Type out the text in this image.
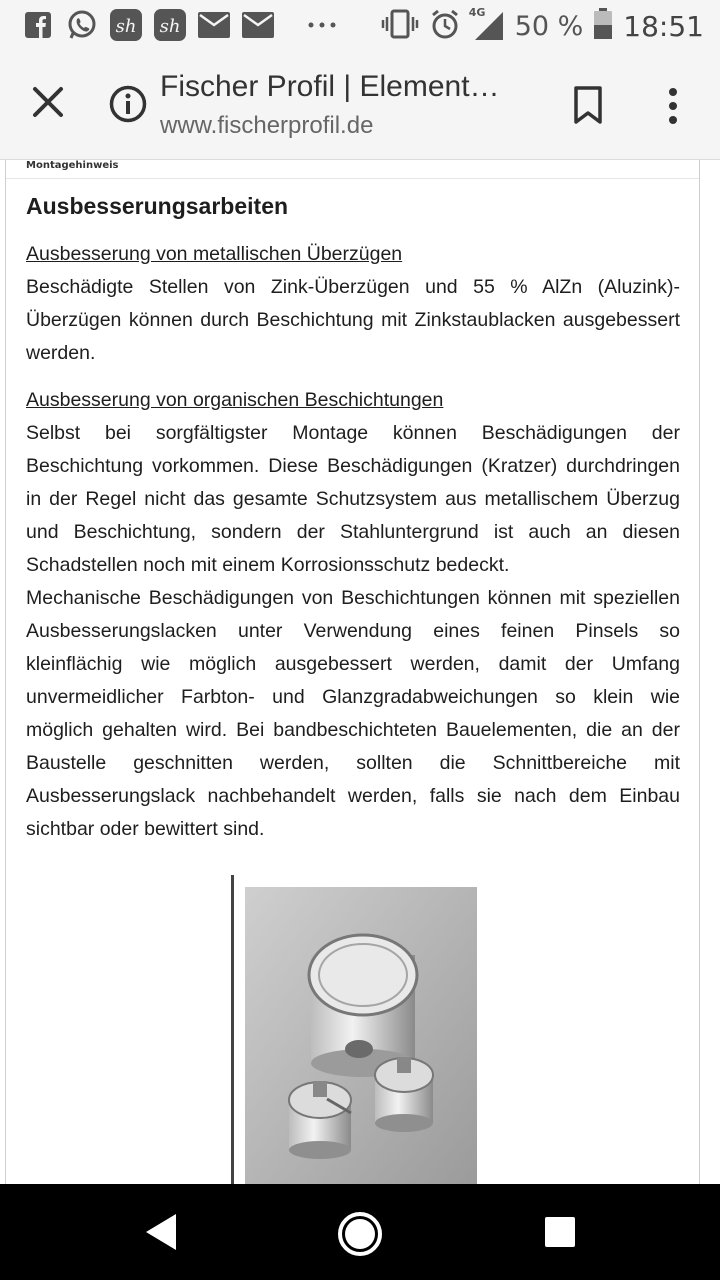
sh sh
4G 50 % 18:51
Fischer Profil | Element…
www.fischerprofil.de
Montagehinweis
Ausbesserungsarbeiten
Ausbesserung von metallischen Überzügen
Beschädigte Stellen von Zink-Überzügen und 55 % AlZn (Aluzink)-Überzügen können durch Beschichtung mit Zinkstaublacken ausgebessert werden.
Ausbesserung von organischen Beschichtungen
Selbst bei sorgfältigster Montage können Beschädigungen der Beschichtung vorkommen. Diese Beschädigungen (Kratzer) durchdringen in der Regel nicht das gesamte Schutzsystem aus metallischem Überzug und Beschichtung, sondern der Stahluntergrund ist auch an diesen Schadstellen noch mit einem Korrosionsschutz bedeckt.
Mechanische Beschädigungen von Beschichtungen können mit speziellen Ausbesserungslacken unter Verwendung eines feinen Pinsels so kleinflächig wie möglich ausgebessert werden, damit der Umfang unvermeidlicher Farbton- und Glanzgradabweichungen so klein wie möglich gehalten wird. Bei bandbeschichteten Bauelementen, die an der Baustelle geschnitten werden, sollten die Schnittbereiche mit Ausbesserungslack nachbehandelt werden, falls sie nach dem Einbau sichtbar oder bewittert sind.
